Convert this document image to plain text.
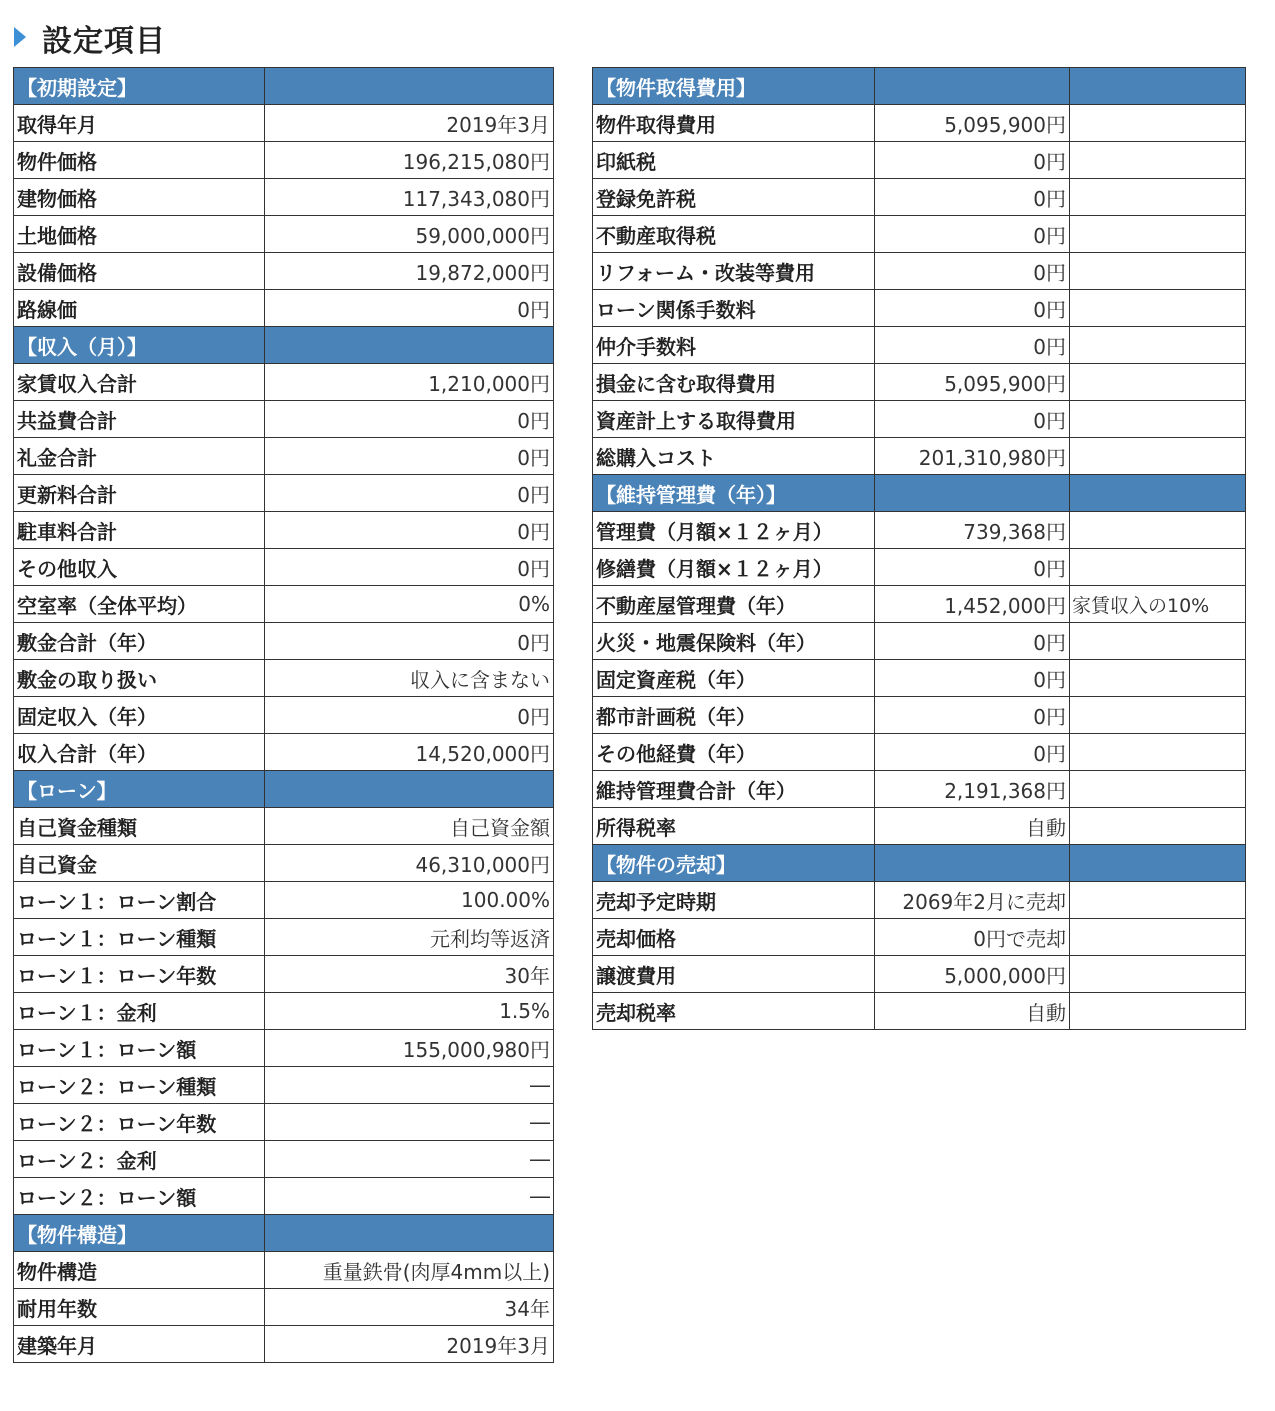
設定項目
【初期設定】	
取得年月	2019年3月
物件価格	196,215,080円
建物価格	117,343,080円
土地価格	59,000,000円
設備価格	19,872,000円
路線価	0円
【収入（月）】	
家賃収入合計	1,210,000円
共益費合計	0円
礼金合計	0円
更新料合計	0円
駐車料合計	0円
その他収入	0円
空室率（全体平均）	0%
敷金合計（年）	0円
敷金の取り扱い	収入に含まない
固定収入（年）	0円
収入合計（年）	14,520,000円
【ローン】	
自己資金種類	自己資金額
自己資金	46,310,000円
ローン１：ローン割合	100.00%
ローン１：ローン種類	元利均等返済
ローン１：ローン年数	30年
ローン１：金利	1.5%
ローン１：ローン額	155,000,980円
ローン２：ローン種類	―
ローン２：ローン年数	―
ローン２：金利	―
ローン２：ローン額	―
【物件構造】	
物件構造	重量鉄骨(肉厚4mm以上)
耐用年数	34年
建築年月	2019年3月
【物件取得費用】		
物件取得費用	5,095,900円	
印紙税	0円	
登録免許税	0円	
不動産取得税	0円	
リフォーム・改装等費用	0円	
ローン関係手数料	0円	
仲介手数料	0円	
損金に含む取得費用	5,095,900円	
資産計上する取得費用	0円	
総購入コスト	201,310,980円	
【維持管理費（年）】		
管理費（月額×１２ヶ月）	739,368円	
修繕費（月額×１２ヶ月）	0円	
不動産屋管理費（年）	1,452,000円	家賃収入の10%
火災・地震保険料（年）	0円	
固定資産税（年）	0円	
都市計画税（年）	0円	
その他経費（年）	0円	
維持管理費合計（年）	2,191,368円	
所得税率	自動	
【物件の売却】		
売却予定時期	2069年2月に売却	
売却価格	0円で売却	
譲渡費用	5,000,000円	
売却税率	自動	
